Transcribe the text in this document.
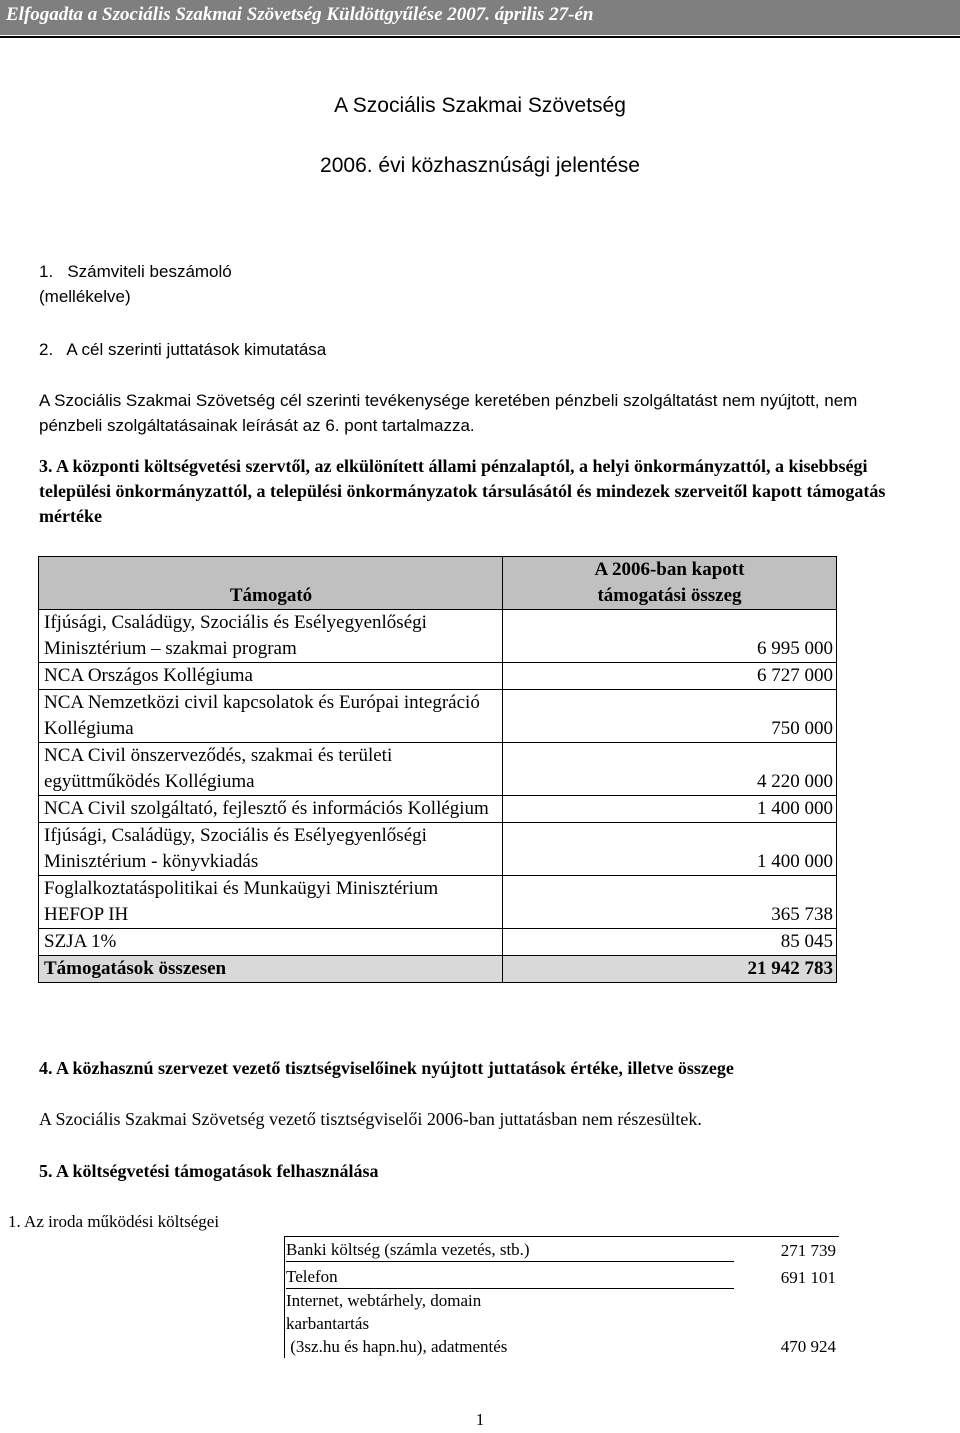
Elfogadta a Szociális Szakmai Szövetség Küldöttgyűlése 2007. április 27-én
A Szociális Szakmai Szövetség
2006. évi közhasznúsági jelentése
1.   Számviteli beszámoló
(mellékelve)
2.   A cél szerinti juttatások kimutatása
A Szociális Szakmai Szövetség cél szerinti tevékenysége keretében pénzbeli szolgáltatást nem nyújtott, nem pénzbeli szolgáltatásainak leírását az 6. pont tartalmazza.
3. A központi költségvetési szervtől, az elkülönített állami pénzalaptól, a helyi önkormányzattól, a kisebbségi települési önkormányzattól, a települési önkormányzatok társulásától és mindezek szerveitől kapott támogatás mértéke
Támogató	A 2006-ban kapott támogatási összeg
Ifjúsági, Családügy, Szociális és Esélyegyenlőségi Minisztérium – szakmai program	6 995 000
NCA Országos Kollégiuma	6 727 000
NCA Nemzetközi civil kapcsolatok és Európai integráció Kollégiuma	750 000
NCA Civil önszerveződés, szakmai és területi együttműködés Kollégiuma	4 220 000
NCA Civil szolgáltató, fejlesztő és információs Kollégium	1 400 000
Ifjúsági, Családügy, Szociális és Esélyegyenlőségi Minisztérium - könyvkiadás	1 400 000
Foglalkoztatáspolitikai és Munkaügyi Minisztérium HEFOP IH	365 738
SZJA 1%	85 045
Támogatások összesen	21 942 783
4. A közhasznú szervezet vezető tisztségviselőinek nyújtott juttatások értéke, illetve összege
A Szociális Szakmai Szövetség vezető tisztségviselői 2006-ban juttatásban nem részesültek.
5. A költségvetési támogatások felhasználása
1. Az iroda működési költségei
Banki költség (számla vezetés, stb.)	271 739
Telefon	691 101

Internet, webtárhely, domain
karbantartás
(3sz.hu és hapn.hu), adatmentés	470 924
1
